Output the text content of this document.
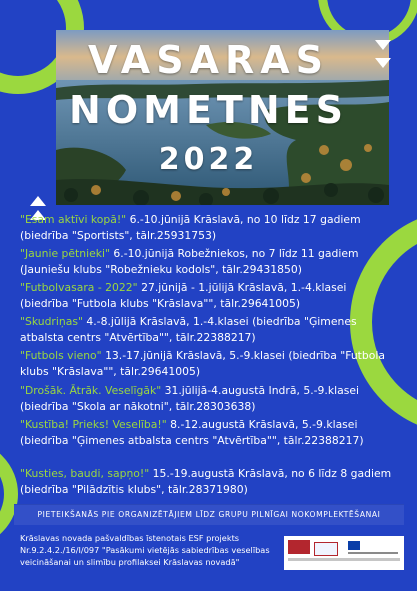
VASARAS
NOMETNES
2022
"Esam aktīvi kopā!" 6.-10.jūnijā Krāslavā, no 10 līdz 17 gadiem (biedrība "Sportists", tālr.25931753)
"Jaunie pētnieki" 6.-10.jūnijā Robežniekos, no 7 līdz 11 gadiem (Jauniešu klubs "Robežnieku kodols", tālr.29431850)
"Futbolvasara - 2022" 27.jūnijā - 1.jūlijā Krāslavā, 1.-4.klasei (biedrība "Futbola klubs "Krāslava"", tālr.29641005)
"Skudriņas" 4.-8.jūlijā Krāslavā, 1.-4.klasei (biedrība "Ģimenes atbalsta centrs "Atvērtība"", tālr.22388217)
"Futbols vieno" 13.-17.jūnijā Krāslavā, 5.-9.klasei (biedrība "Futbola klubs "Krāslava"", tālr.29641005)
"Drošāk. Ātrāk. Veselīgāk" 31.jūlijā-4.augustā Indrā, 5.-9.klasei (biedrība "Skola ar nākotni", tālr.28303638)
"Kustība! Prieks! Veselība!" 8.-12.augustā Krāslavā, 5.-9.klasei (biedrība "Ģimenes atbalsta centrs "Atvērtība"", tālr.22388217)
"Kusties, baudi, sapņo!" 15.-19.augustā Krāslavā, no 6 līdz 8 gadiem (biedrība "Pilādzītis klubs", tālr.28371980)
PIETEIKŠANĀS PIE ORGANIZĒTĀJIEM LĪDZ GRUPU PILNĪGAI NOKOMPLEKTĒŠANAI
Krāslavas novada pašvaldības īstenotais ESF projekts Nr.9.2.4.2./16/I/097 "Pasākumi vietējās sabiedrības veselības veicināšanai un slimību profilaksei Krāslavas novadā"
